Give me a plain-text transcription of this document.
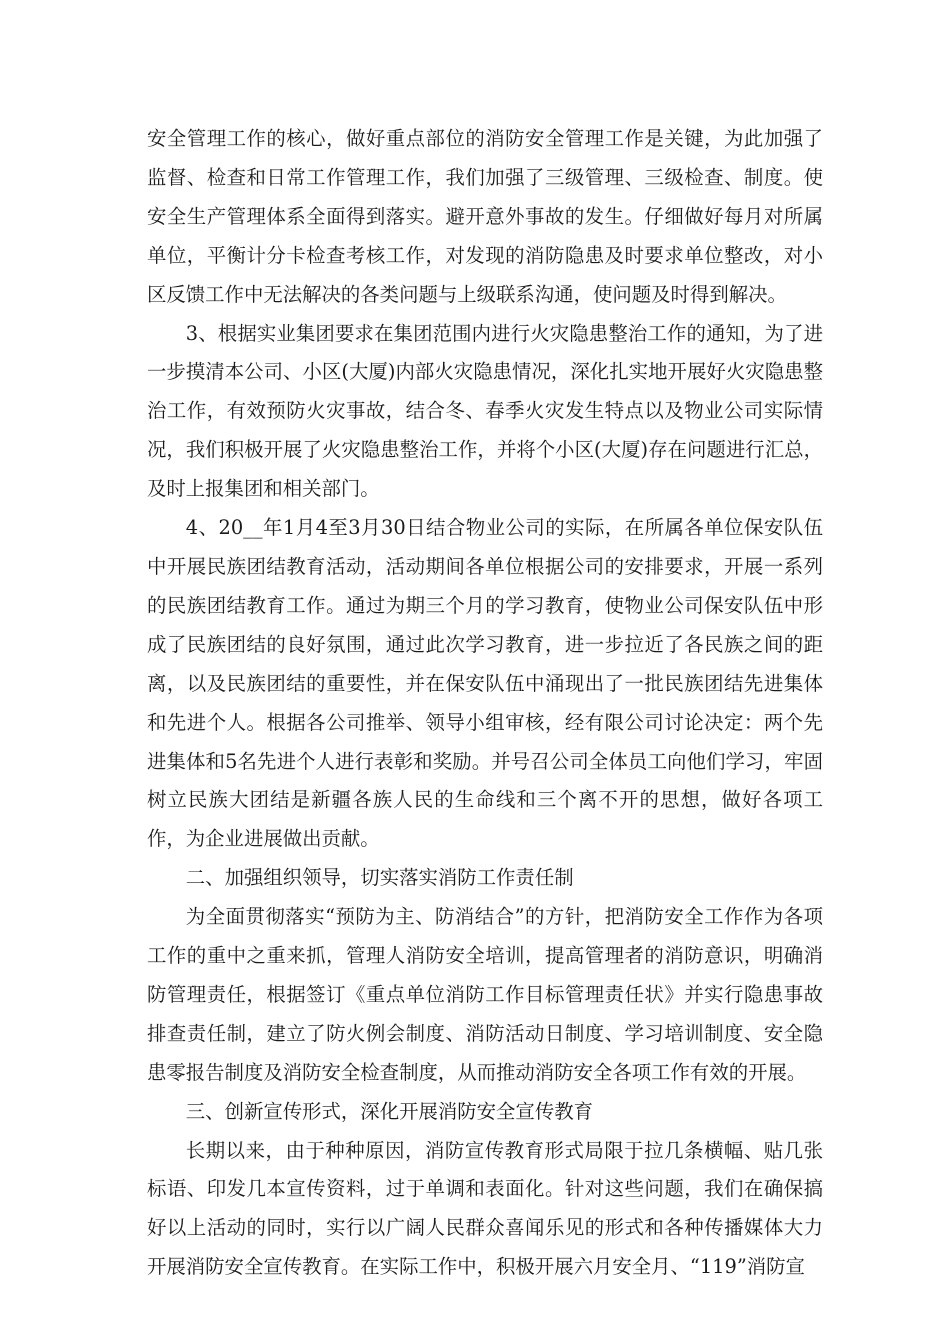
安全管理工作的核心，做好重点部位的消防安全管理工作是关键，为此加强了监督、检查和日常工作管理工作，我们加强了三级管理、三级检查、制度。使安全生产管理体系全面得到落实。避开意外事故的发生。仔细做好每月对所属单位，平衡计分卡检查考核工作，对发现的消防隐患及时要求单位整改，对小区反馈工作中无法解决的各类问题与上级联系沟通，使问题及时得到解决。

3、根据实业集团要求在集团范围内进行火灾隐患整治工作的通知，为了进一步摸清本公司、小区(大厦)内部火灾隐患情况，深化扎实地开展好火灾隐患整治工作，有效预防火灾事故，结合冬、春季火灾发生特点以及物业公司实际情况，我们积极开展了火灾隐患整治工作，并将个小区(大厦)存在问题进行汇总，及时上报集团和相关部门。

4、20__年1月4至3月30日结合物业公司的实际，在所属各单位保安队伍中开展民族团结教育活动，活动期间各单位根据公司的安排要求，开展一系列的民族团结教育工作。通过为期三个月的学习教育，使物业公司保安队伍中形成了民族团结的良好氛围，通过此次学习教育，进一步拉近了各民族之间的距离，以及民族团结的重要性，并在保安队伍中涌现出了一批民族团结先进集体和先进个人。根据各公司推举、领导小组审核，经有限公司讨论决定：两个先进集体和5名先进个人进行表彰和奖励。并号召公司全体员工向他们学习，牢固树立民族大团结是新疆各族人民的生命线和三个离不开的思想，做好各项工作，为企业进展做出贡献。

二、加强组织领导，切实落实消防工作责任制

为全面贯彻落实“预防为主、防消结合”的方针，把消防安全工作作为各项工作的重中之重来抓，管理人消防安全培训，提高管理者的消防意识，明确消防管理责任，根据签订《重点单位消防工作目标管理责任状》并实行隐患事故排查责任制，建立了防火例会制度、消防活动日制度、学习培训制度、安全隐患零报告制度及消防安全检查制度，从而推动消防安全各项工作有效的开展。

三、创新宣传形式，深化开展消防安全宣传教育

长期以来，由于种种原因，消防宣传教育形式局限于拉几条横幅、贴几张标语、印发几本宣传资料，过于单调和表面化。针对这些问题，我们在确保搞好以上活动的同时，实行以广阔人民群众喜闻乐见的形式和各种传播媒体大力开展消防安全宣传教育。在实际工作中，积极开展六月安全月、“119”消防宣
